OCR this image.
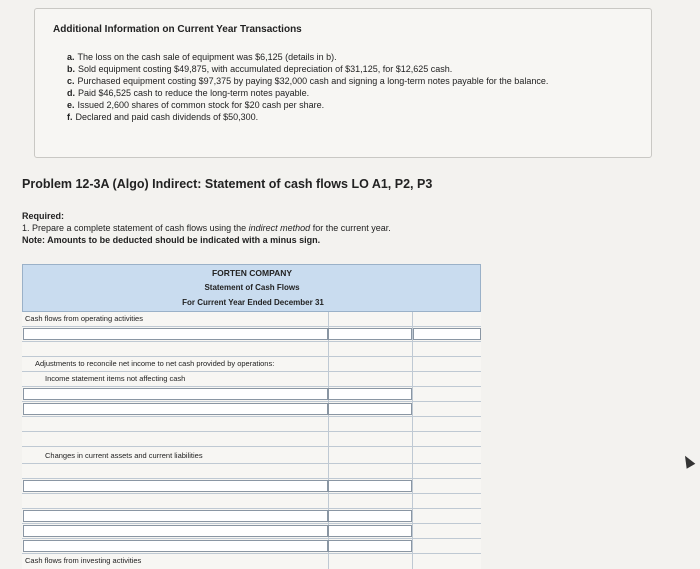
Additional Information on Current Year Transactions
a. The loss on the cash sale of equipment was $6,125 (details in b).
b. Sold equipment costing $49,875, with accumulated depreciation of $31,125, for $12,625 cash.
c. Purchased equipment costing $97,375 by paying $32,000 cash and signing a long-term notes payable for the balance.
d. Paid $46,525 cash to reduce the long-term notes payable.
e. Issued 2,600 shares of common stock for $20 cash per share.
f. Declared and paid cash dividends of $50,300.
Problem 12-3A (Algo) Indirect: Statement of cash flows LO A1, P2, P3
Required:
1. Prepare a complete statement of cash flows using the indirect method for the current year.
Note: Amounts to be deducted should be indicated with a minus sign.
FORTEN COMPANY
Statement of Cash Flows
For Current Year Ended December 31
Cash flows from operating activities
Adjustments to reconcile net income to net cash provided by operations:
Income statement items not affecting cash
Changes in current assets and current liabilities
Cash flows from investing activities
